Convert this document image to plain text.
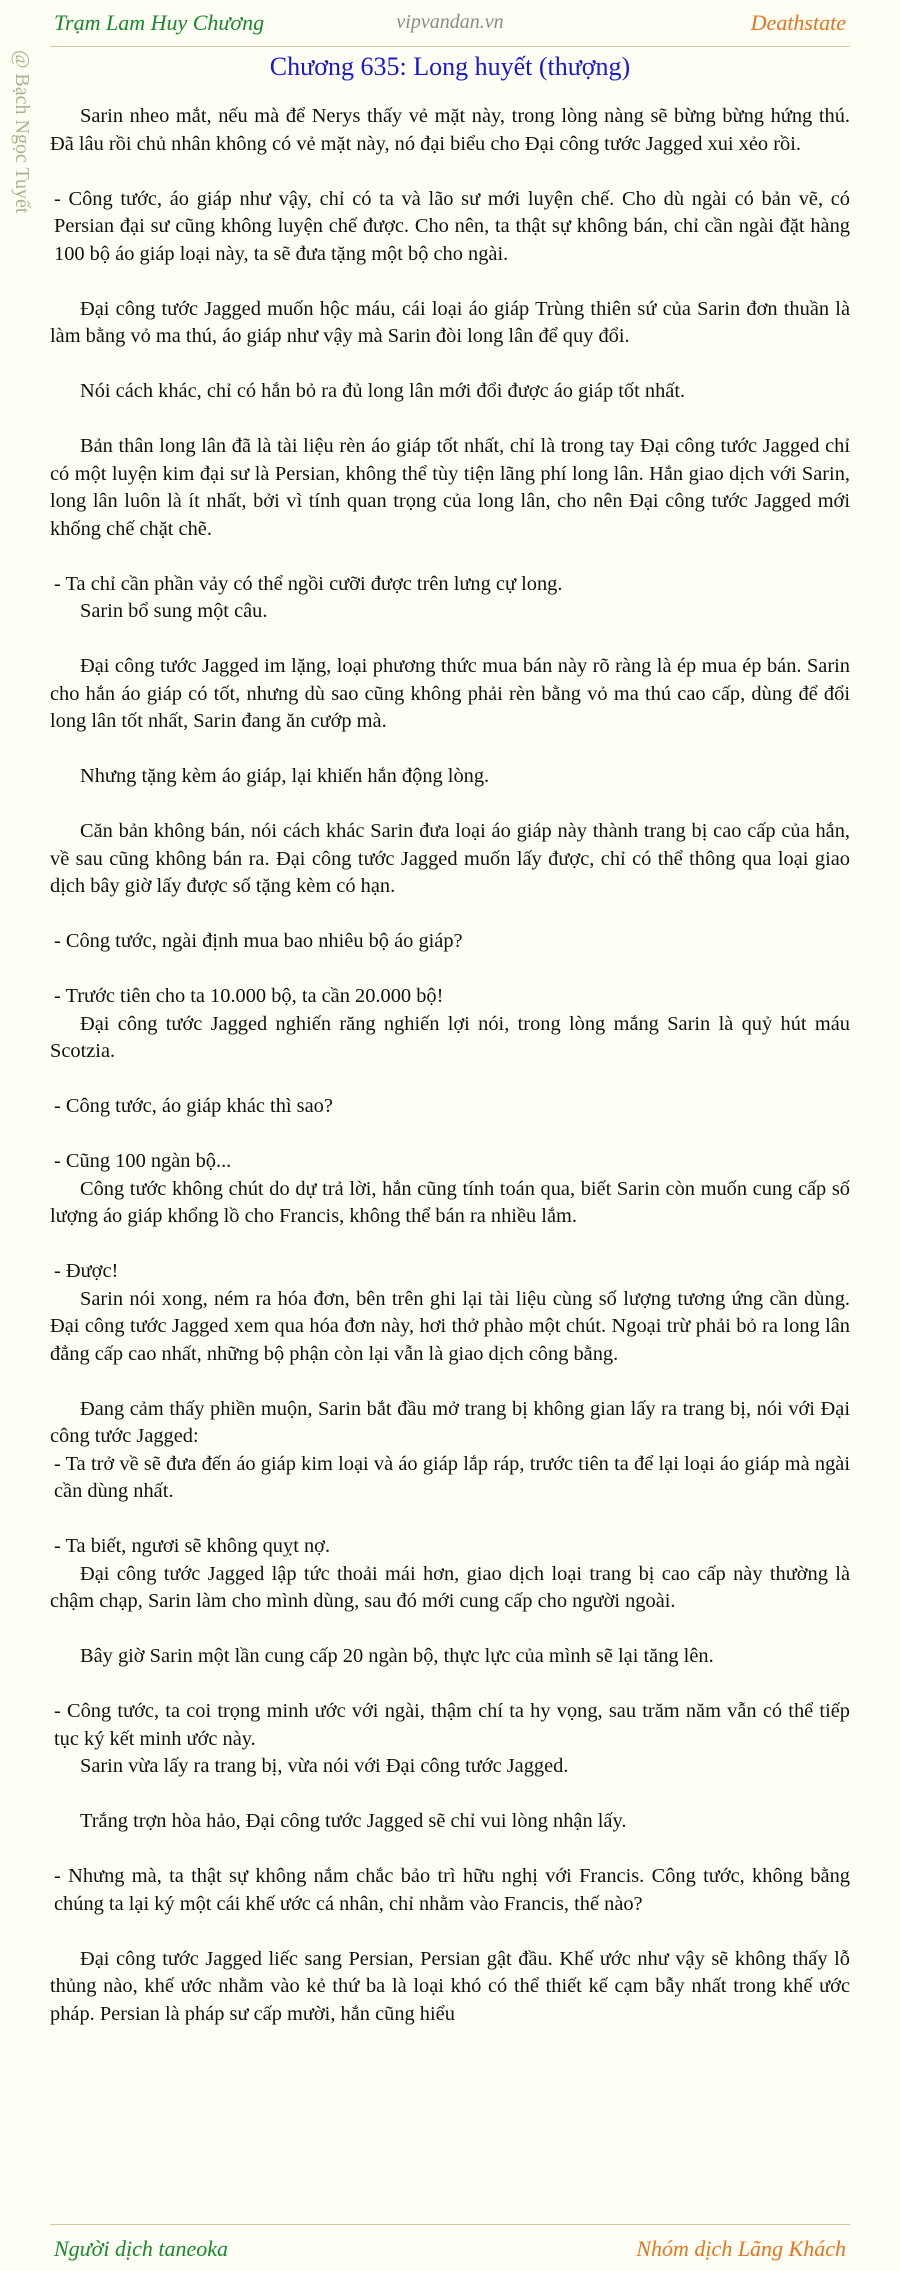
Trạm Lam Huy Chương	vipvandan.vn	Deathstate
@ Bạch Ngọc Tuyết	Chương 635: Long huyết (thượng)

Sarin nheo mắt, nếu mà để Nerys thấy vẻ mặt này, trong lòng nàng sẽ bừng bừng hứng thú. Đã lâu rồi chủ nhân không có vẻ mặt này, nó đại biểu cho Đại công tước Jagged xui xẻo rồi.

- Công tước, áo giáp như vậy, chỉ có ta và lão sư mới luyện chế. Cho dù ngài có bản vẽ, có Persian đại sư cũng không luyện chế được. Cho nên, ta thật sự không bán, chỉ cần ngài đặt hàng 100 bộ áo giáp loại này, ta sẽ đưa tặng một bộ cho ngài.

Đại công tước Jagged muốn hộc máu, cái loại áo giáp Trùng thiên sứ của Sarin đơn thuần là làm bằng vỏ ma thú, áo giáp như vậy mà Sarin đòi long lân để quy đổi.

Nói cách khác, chỉ có hắn bỏ ra đủ long lân mới đổi được áo giáp tốt nhất.

Bản thân long lân đã là tài liệu rèn áo giáp tốt nhất, chỉ là trong tay Đại công tước Jagged chỉ có một luyện kim đại sư là Persian, không thể tùy tiện lãng phí long lân. Hắn giao dịch với Sarin, long lân luôn là ít nhất, bởi vì tính quan trọng của long lân, cho nên Đại công tước Jagged mới khống chế chặt chẽ.

- Ta chỉ cần phần vảy có thể ngồi cưỡi được trên lưng cự long.
Sarin bổ sung một câu.

Đại công tước Jagged im lặng, loại phương thức mua bán này rõ ràng là ép mua ép bán. Sarin cho hắn áo giáp có tốt, nhưng dù sao cũng không phải rèn bằng vỏ ma thú cao cấp, dùng để đổi long lân tốt nhất, Sarin đang ăn cướp mà.

Nhưng tặng kèm áo giáp, lại khiến hắn động lòng.

Căn bản không bán, nói cách khác Sarin đưa loại áo giáp này thành trang bị cao cấp của hắn, về sau cũng không bán ra. Đại công tước Jagged muốn lấy được, chỉ có thể thông qua loại giao dịch bây giờ lấy được số tặng kèm có hạn.

- Công tước, ngài định mua bao nhiêu bộ áo giáp?

- Trước tiên cho ta 10.000 bộ, ta cần 20.000 bộ!
Đại công tước Jagged nghiến răng nghiến lợi nói, trong lòng mắng Sarin là quỷ hút máu Scotzia.

- Công tước, áo giáp khác thì sao?

- Cũng 100 ngàn bộ...
Công tước không chút do dự trả lời, hắn cũng tính toán qua, biết Sarin còn muốn cung cấp số lượng áo giáp khổng lồ cho Francis, không thể bán ra nhiều lắm.

- Được!
Sarin nói xong, ném ra hóa đơn, bên trên ghi lại tài liệu cùng số lượng tương ứng cần dùng. Đại công tước Jagged xem qua hóa đơn này, hơi thở phào một chút. Ngoại trừ phải bỏ ra long lân đẳng cấp cao nhất, những bộ phận còn lại vẫn là giao dịch công bằng.

Đang cảm thấy phiền muộn, Sarin bắt đầu mở trang bị không gian lấy ra trang bị, nói với Đại công tước Jagged:
- Ta trở về sẽ đưa đến áo giáp kim loại và áo giáp lắp ráp, trước tiên ta để lại loại áo giáp mà ngài cần dùng nhất.

- Ta biết, ngươi sẽ không quỵt nợ.
Đại công tước Jagged lập tức thoải mái hơn, giao dịch loại trang bị cao cấp này thường là chậm chạp, Sarin làm cho mình dùng, sau đó mới cung cấp cho người ngoài.

Bây giờ Sarin một lần cung cấp 20 ngàn bộ, thực lực của mình sẽ lại tăng lên.

- Công tước, ta coi trọng minh ước với ngài, thậm chí ta hy vọng, sau trăm năm vẫn có thể tiếp tục ký kết minh ước này.
Sarin vừa lấy ra trang bị, vừa nói với Đại công tước Jagged.

Trắng trợn hòa hảo, Đại công tước Jagged sẽ chỉ vui lòng nhận lấy.

- Nhưng mà, ta thật sự không nắm chắc bảo trì hữu nghị với Francis. Công tước, không bằng chúng ta lại ký một cái khế ước cá nhân, chỉ nhằm vào Francis, thế nào?

Đại công tước Jagged liếc sang Persian, Persian gật đầu. Khế ước như vậy sẽ không thấy lỗ thủng nào, khế ước nhằm vào kẻ thứ ba là loại khó có thể thiết kế cạm bẫy nhất trong khế ước pháp. Persian là pháp sư cấp mười, hắn cũng hiểu

Người dịch taneoka	Nhóm dịch Lãng Khách
